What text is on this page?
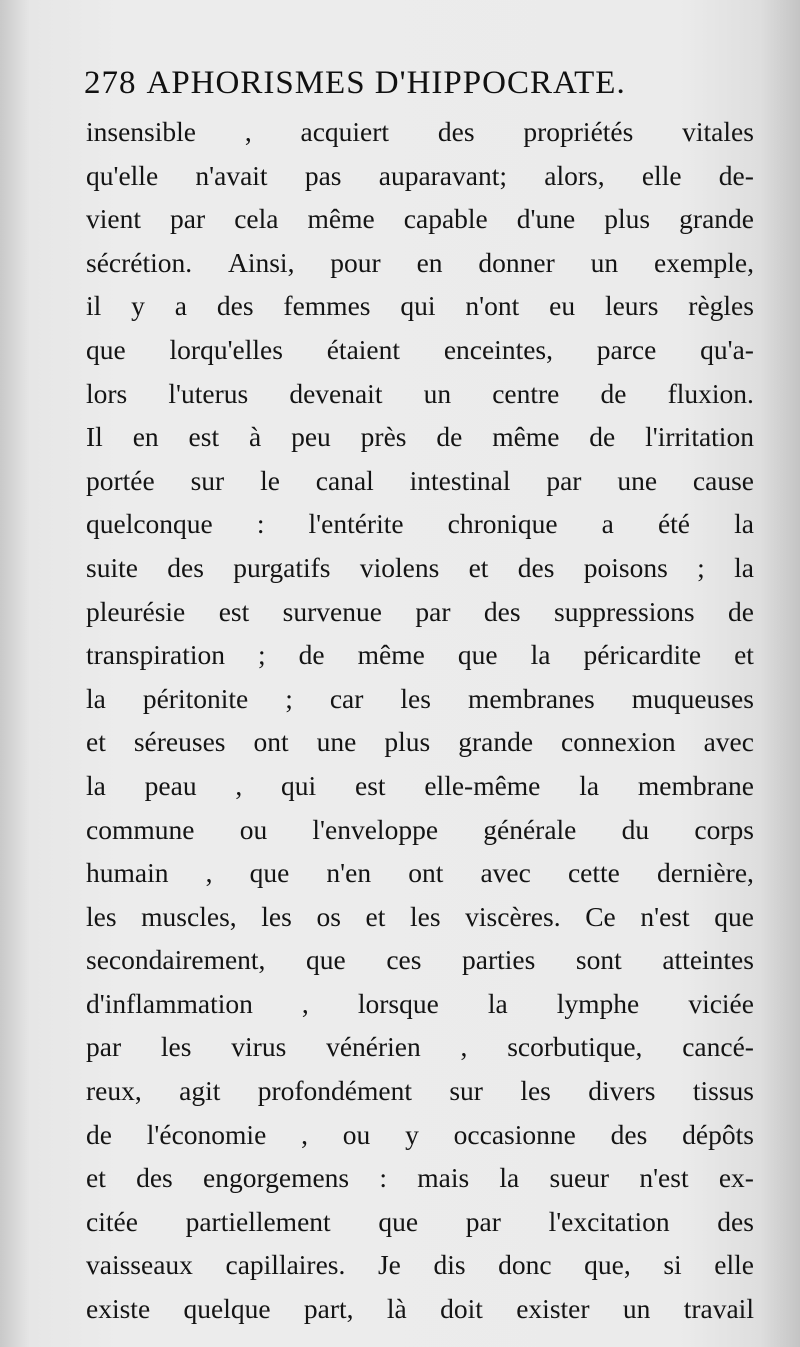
278 APHORISMES D'HIPPOCRATE.
insensible , acquiert des propriétés vitales
qu'elle n'avait pas auparavant; alors, elle de-
vient par cela même capable d'une plus grande
sécrétion. Ainsi, pour en donner un exemple,
il y a des femmes qui n'ont eu leurs règles
que lorqu'elles étaient enceintes, parce qu'a-
lors l'uterus devenait un centre de fluxion.
Il en est à peu près de même de l'irritation
portée sur le canal intestinal par une cause
quelconque : l'entérite chronique a été la
suite des purgatifs violens et des poisons ; la
pleurésie est survenue par des suppressions de
transpiration ; de même que la péricardite et
la péritonite ; car les membranes muqueuses
et séreuses ont une plus grande connexion avec
la peau , qui est elle-même la membrane
commune ou l'enveloppe générale du corps
humain , que n'en ont avec cette dernière,
les muscles, les os et les viscères. Ce n'est que
secondairement, que ces parties sont atteintes
d'inflammation , lorsque la lymphe viciée
par les virus vénérien , scorbutique, cancé-
reux, agit profondément sur les divers tissus
de l'économie , ou y occasionne des dépôts
et des engorgemens : mais la sueur n'est ex-
citée partiellement que par l'excitation des
vaisseaux capillaires. Je dis donc que, si elle
existe quelque part, là doit exister un travail
